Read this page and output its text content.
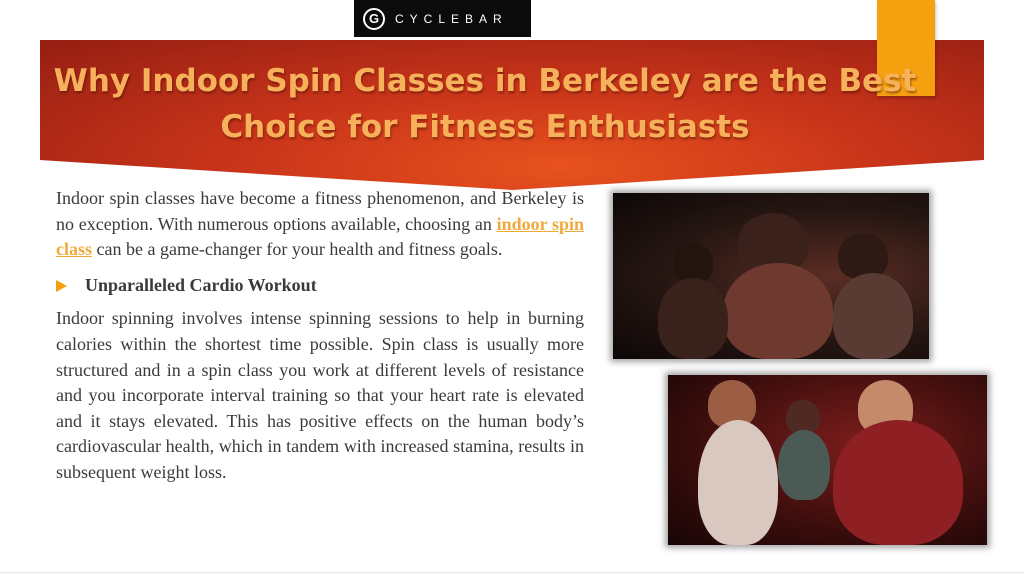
G	CYCLEBAR
Why Indoor Spin Classes in Berkeley are the Best Choice for Fitness Enthusiasts

Indoor spin classes have become a fitness phenomenon, and Berkeley is no exception. With numerous options available, choosing an indoor spin class can be a game-changer for your health and fitness goals.

Unparalleled Cardio Workout

Indoor spinning involves intense spinning sessions to help in burning calories within the shortest time possible. Spin class is usually more structured and in a spin class you work at different levels of resistance and you incorporate interval training so that your heart rate is elevated and it stays elevated. This has positive effects on the human body’s cardiovascular health, which in tandem with increased stamina, results in subsequent weight loss.
